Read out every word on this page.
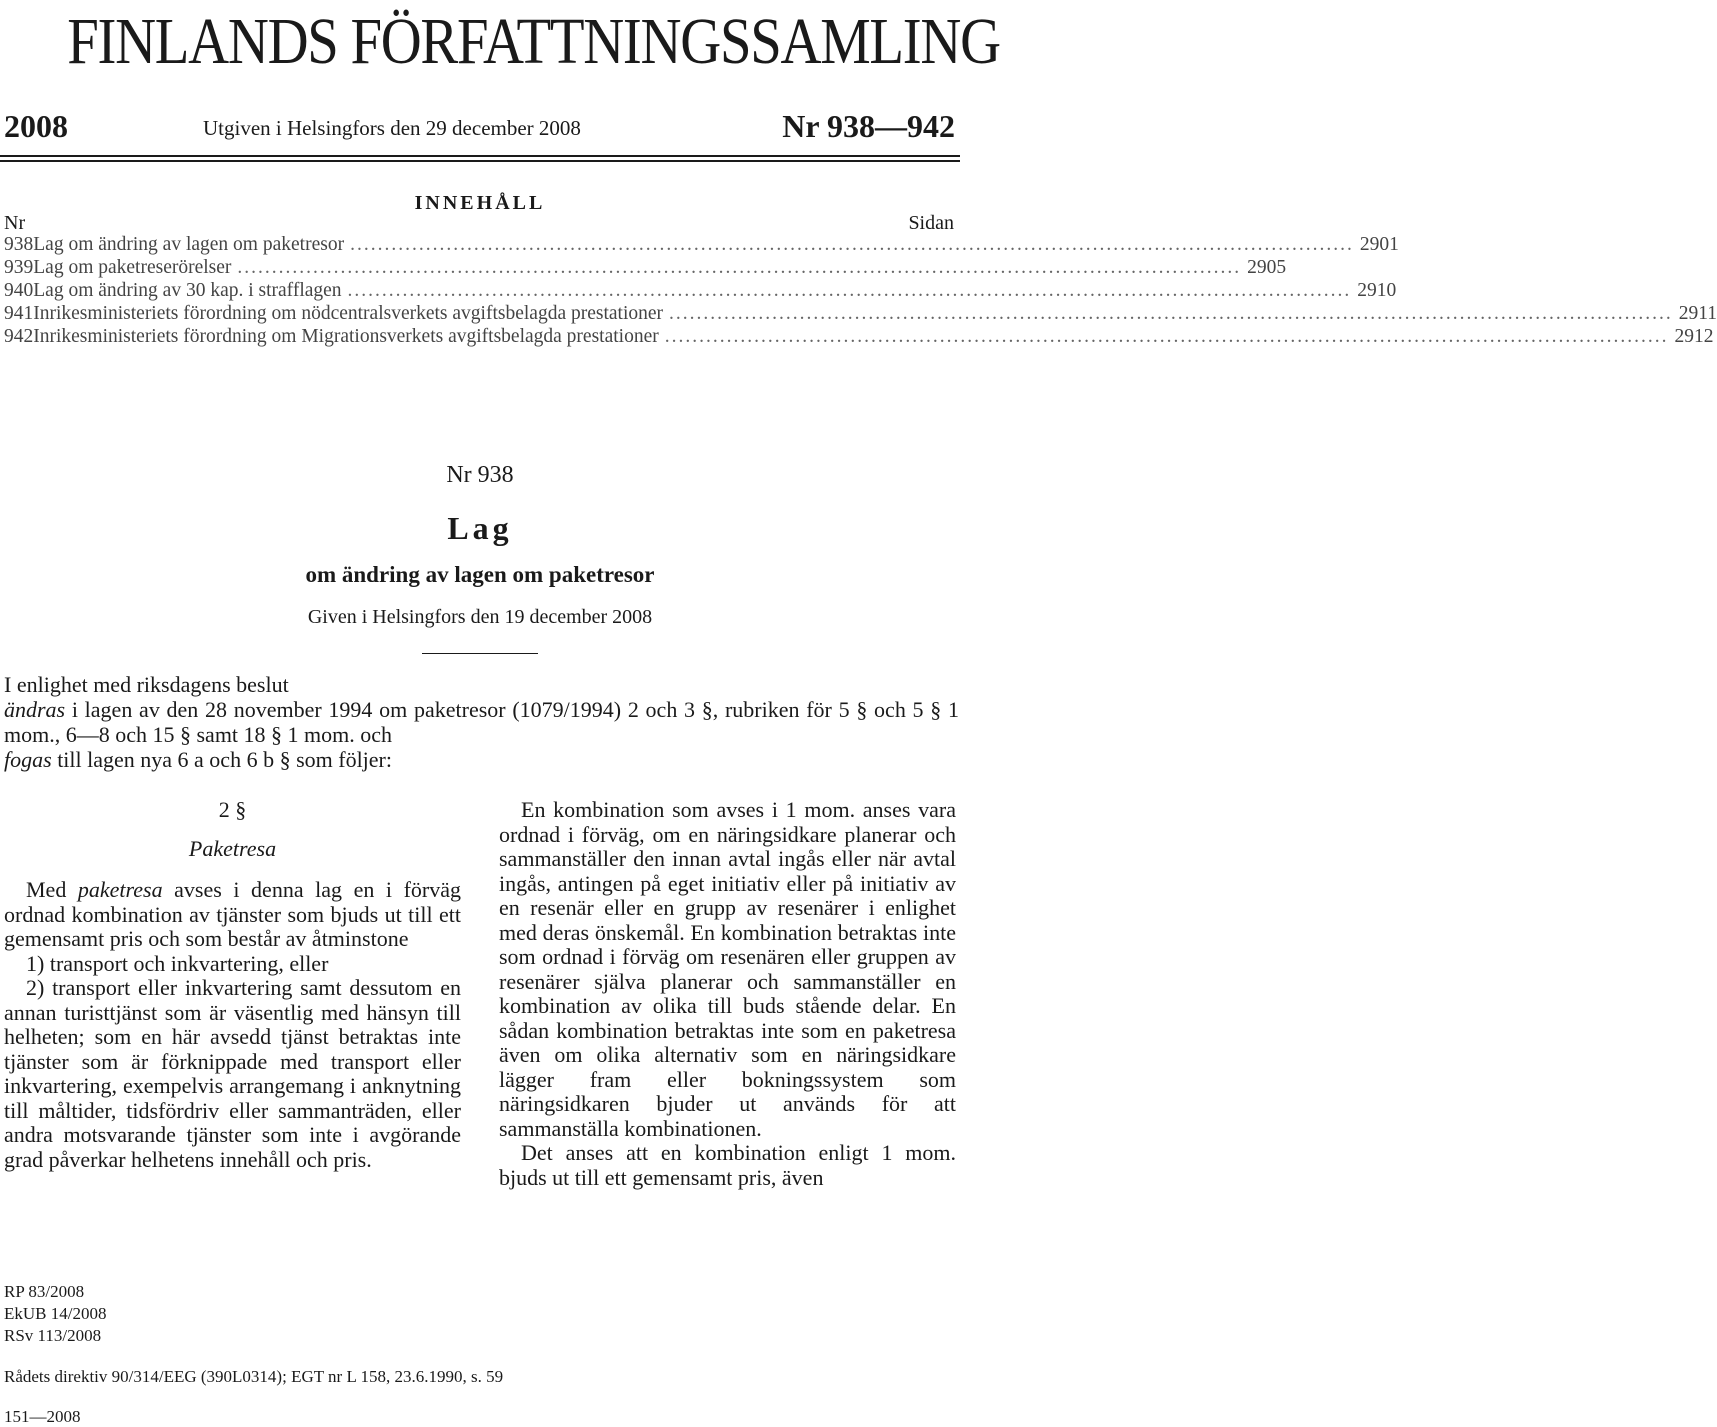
FINLANDS FÖRFATTNINGSSAMLING
2008	Utgiven i Helsingfors den 29 december 2008	Nr 938—942
INNEHÅLL
Nr	Sidan
938 Lag om ändring av lagen om paketresor .................................................................................................................................................. 2901
939 Lag om paketreserörelser .................................................................................................................................................. 2905
940 Lag om ändring av 30 kap. i strafflagen .................................................................................................................................................. 2910
941 Inrikesministeriets förordning om nödcentralsverkets avgiftsbelagda prestationer .................................................................................................................................................. 2911
942 Inrikesministeriets förordning om Migrationsverkets avgiftsbelagda prestationer .................................................................................................................................................. 2912
Nr 938
Lag
om ändring av lagen om paketresor
Given i Helsingfors den 19 december 2008

I enlighet med riksdagens beslut

ändras i lagen av den 28 november 1994 om paketresor (1079/1994) 2 och 3 §, rubriken för 5 § och 5 § 1 mom., 6—8 och 15 § samt 18 § 1 mom. och

fogas till lagen nya 6 a och 6 b § som följer:

2 §

Paketresa

Med paketresa avses i denna lag en i förväg ordnad kombination av tjänster som bjuds ut till ett gemensamt pris och som består av åtminstone

1) transport och inkvartering, eller

2) transport eller inkvartering samt dessutom en annan turisttjänst som är väsentlig med hänsyn till helheten; som en här avsedd tjänst betraktas inte tjänster som är förknippade med transport eller inkvartering, exempelvis arrangemang i anknytning till måltider, tidsfördriv eller sammanträden, eller andra motsvarande tjänster som inte i avgörande grad påverkar helhetens innehåll och pris.

En kombination som avses i 1 mom. anses vara ordnad i förväg, om en näringsidkare planerar och sammanställer den innan avtal ingås eller när avtal ingås, antingen på eget initiativ eller på initiativ av en resenär eller en grupp av resenärer i enlighet med deras önskemål. En kombination betraktas inte som ordnad i förväg om resenären eller gruppen av resenärer själva planerar och sammanställer en kombination av olika till buds stående delar. En sådan kombination betraktas inte som en paketresa även om olika alternativ som en näringsidkare lägger fram eller bokningssystem som näringsidkaren bjuder ut används för att sammanställa kombinationen.

Det anses att en kombination enligt 1 mom. bjuds ut till ett gemensamt pris, även

RP 83/2008
EkUB 14/2008
RSv 113/2008
Rådets direktiv 90/314/EEG (390L0314); EGT nr L 158, 23.6.1990, s. 59
151—2008
